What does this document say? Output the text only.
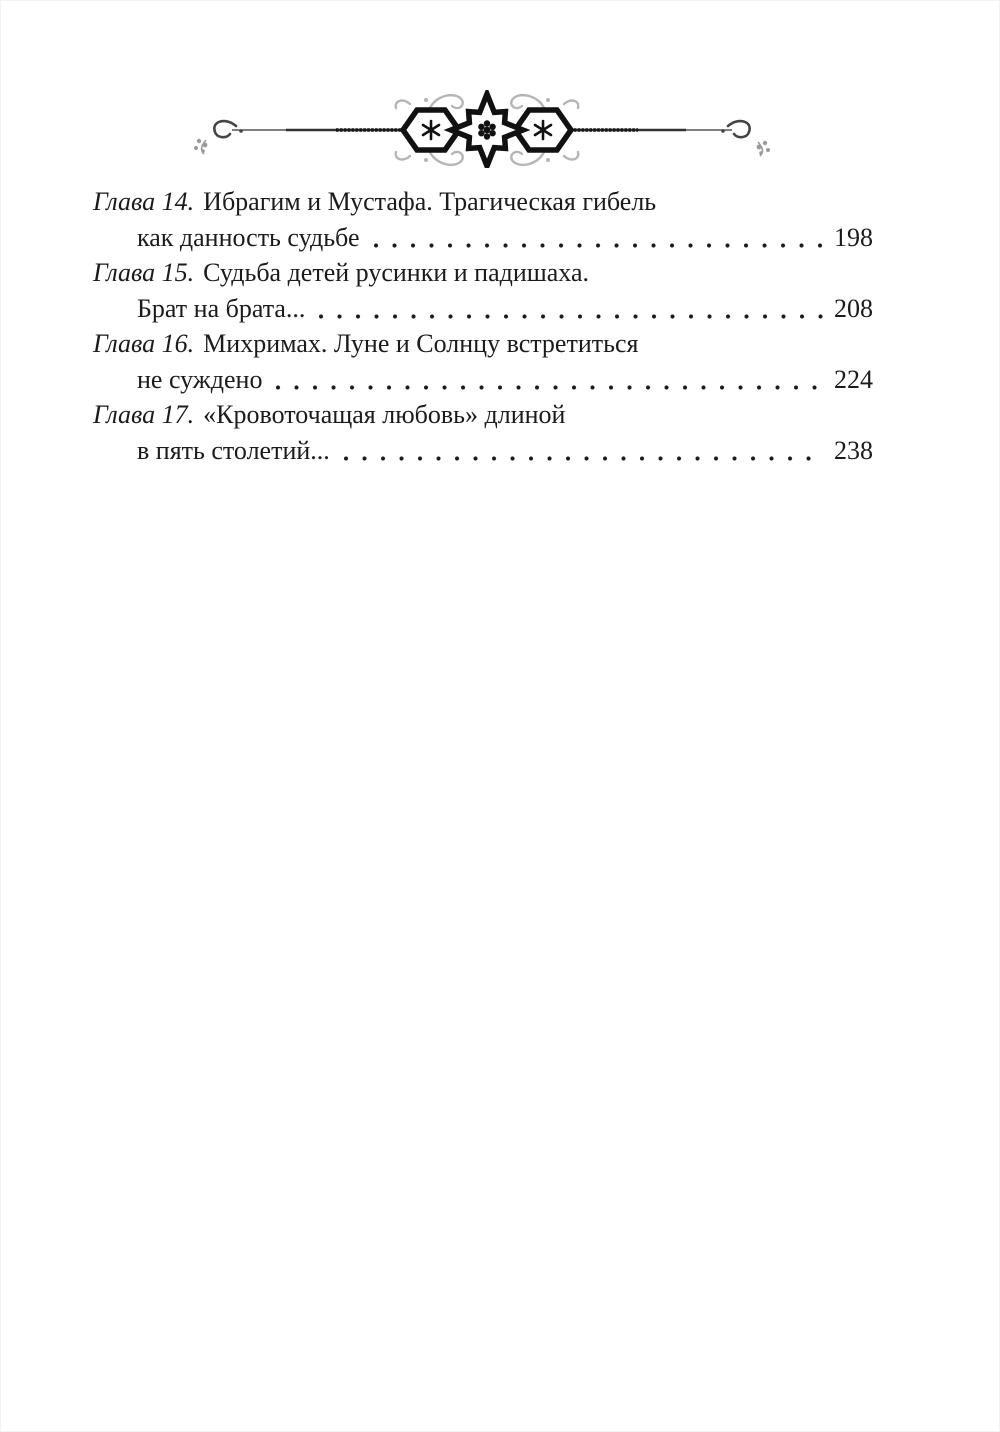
Глава 14. Ибрагим и Мустафа. Трагическая гибель
как данность судьбе	198
Глава 15. Судьба детей русинки и падишаха.
Брат на брата...	208
Глава 16. Михримах. Луне и Солнцу встретиться
не суждено	224
Глава 17. «Кровоточащая любовь» длиной
в пять столетий...	238
